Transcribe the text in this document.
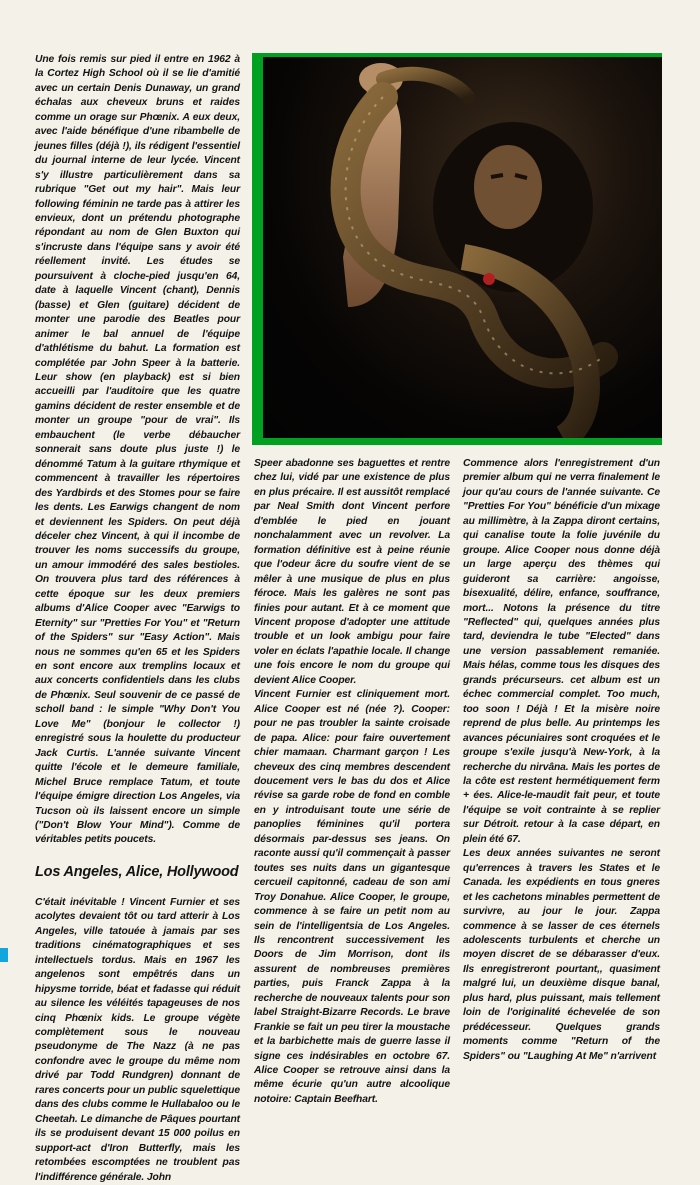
Une fois remis sur pied il entre en 1962 à la Cortez High School où il se lie d'amitié avec un certain Denis Dunaway, un grand échalas aux cheveux bruns et raides comme un orage sur Phœnix. A eux deux, avec l'aide bénéfique d'une ribambelle de jeunes filles (déjà !), ils rédigent l'essentiel du journal interne de leur lycée. Vincent s'y illustre particulièrement dans sa rubrique "Get out my hair". Mais leur following féminin ne tarde pas à attirer les envieux, dont un prétendu photographe répondant au nom de Glen Buxton qui s'incruste dans l'équipe sans y avoir été réellement invité. Les études se poursuivent à cloche-pied jusqu'en 64, date à laquelle Vincent (chant), Dennis (basse) et Glen (guitare) décident de monter une parodie des Beatles pour animer le bal annuel de l'équipe d'athlétisme du bahut. La formation est complétée par John Speer à la batterie. Leur show (en playback) est si bien accueilli par l'auditoire que les quatre gamins décident de rester ensemble et de monter un groupe "pour de vrai". Ils embauchent (le verbe débaucher sonnerait sans doute plus juste !) le dénommé Tatum à la guitare rthymique et commencent à travailler les répertoires des Yardbirds et des Stomes pour se faire les dents. Les Earwigs changent de nom et deviennent les Spiders. On peut déjà déceler chez Vincent, à qui il incombe de trouver les noms successifs du groupe, un amour immodéré des sales bestioles. On trouvera plus tard des références à cette époque sur les deux premiers albums d'Alice Cooper avec "Earwigs to Eternity" sur "Pretties For You" et "Return of the Spiders" sur "Easy Action". Mais nous ne sommes qu'en 65 et les Spiders en sont encore aux tremplins locaux et aux concerts confidentiels dans les clubs de Phœnix. Seul souvenir de ce passé de scholl band : le simple "Why Don't You Love Me" (bonjour le collector !) enregistré sous la houlette du producteur Jack Curtis. L'année suivante Vincent quitte l'école et le demeure familiale, Michel Bruce remplace Tatum, et toute l'équipe émigre direction Los Angeles, via Tucson où ils laissent encore un simple ("Don't Blow Your Mind"). Comme de véritables petits poucets.

Los Angeles, Alice, Hollywood

C'était inévitable ! Vincent Furnier et ses acolytes devaient tôt ou tard atterir à Los Angeles, ville tatouée à jamais par ses traditions cinématographiques et ses intellectuels tordus. Mais en 1967 les angelenos sont empêtrés dans un hipysme torride, béat et fadasse qui réduit au silence les véléités tapageuses de nos cinq Phœnix kids. Le groupe végète complètement sous le nouveau pseudonyme de The Nazz (à ne pas confondre avec le groupe du même nom drivé par Todd Rundgren) donnant de rares concerts pour un public squelettique dans des clubs comme le Hullabaloo ou le Cheetah. Le dimanche de Pâques pourtant ils se produisent devant 15 000 poilus en support-act d'Iron Butterfly, mais les retombées escomptées ne troublent pas l'indifférence générale. John

Speer abadonne ses baguettes et rentre chez lui, vidé par une existence de plus en plus précaire. Il est aussitôt remplacé par Neal Smith dont Vincent perfore d'emblée le pied en jouant nonchalamment avec un revolver. La formation définitive est à peine réunie que l'odeur âcre du soufre vient de se mêler à une musique de plus en plus féroce. Mais les galères ne sont pas finies pour autant. Et à ce moment que Vincent propose d'adopter une attitude trouble et un look ambigu pour faire voler en éclats l'apathie locale. Il change une fois encore le nom du groupe qui devient Alice Cooper.

Vincent Furnier est cliniquement mort. Alice Cooper est né (née ?). Cooper: pour ne pas troubler la sainte croisade de papa. Alice: pour faire ouvertement chier mamaan. Charmant garçon ! Les cheveux des cinq membres descendent doucement vers le bas du dos et Alice révise sa garde robe de fond en comble en y introduisant toute une série de panoplies féminines qu'il portera désormais par-dessus ses jeans. On raconte aussi qu'il commençait à passer toutes ses nuits dans un gigantesque cercueil capitonné, cadeau de son ami Troy Donahue. Alice Cooper, le groupe, commence à se faire un petit nom au sein de l'intelligentsia de Los Angeles. Ils rencontrent successivement les Doors de Jim Morrison, dont ils assurent de nombreuses premières parties, puis Franck Zappa à la recherche de nouveaux talents pour son label Straight-Bizarre Records. Le brave Frankie se fait un peu tirer la moustache et la barbichette mais de guerre lasse il signe ces indésirables en octobre 67. Alice Cooper se retrouve ainsi dans la même écurie qu'un autre alcoolique notoire: Captain Beefhart.

Commence alors l'enregistrement d'un premier album qui ne verra finalement le jour qu'au cours de l'année suivante. Ce "Pretties For You" bénéficie d'un mixage au millimètre, à la Zappa diront certains, qui canalise toute la folie juvénile du groupe. Alice Cooper nous donne déjà un large aperçu des thèmes qui guideront sa carrière: angoisse, bisexualité, délire, enfance, souffrance, mort... Notons la présence du titre "Reflected" qui, quelques années plus tard, deviendra le tube "Elected" dans une version passablement remaniée. Mais hélas, comme tous les disques des grands précurseurs. cet album est un échec commercial complet. Too much, too soon ! Déjà ! Et la misère noire reprend de plus belle. Au printemps les avances pécuniaires sont croquées et le groupe s'exile jusqu'à New-York, à la recherche du nirvâna. Mais les portes de la côte est restent hermétiquement ferm + ées. Alice-le-maudit fait peur, et toute l'équipe se voit contrainte à se replier sur Détroit. retour à la case départ, en plein été 67.

Les deux années suivantes ne seront qu'errences à travers les States et le Canada. les expédients en tous gneres et les cachetons minables permettent de survivre, au jour le jour. Zappa commence à se lasser de ces éternels adolescents turbulents et cherche un moyen discret de se débarasser d'eux. Ils enregistreront pourtant,, quasiment malgré lui, un deuxième disque banal, plus hard, plus puissant, mais tellement loin de l'originalité échevelée de son prédécesseur. Quelques grands moments comme "Return of the Spiders" ou "Laughing At Me" n'arrivent
